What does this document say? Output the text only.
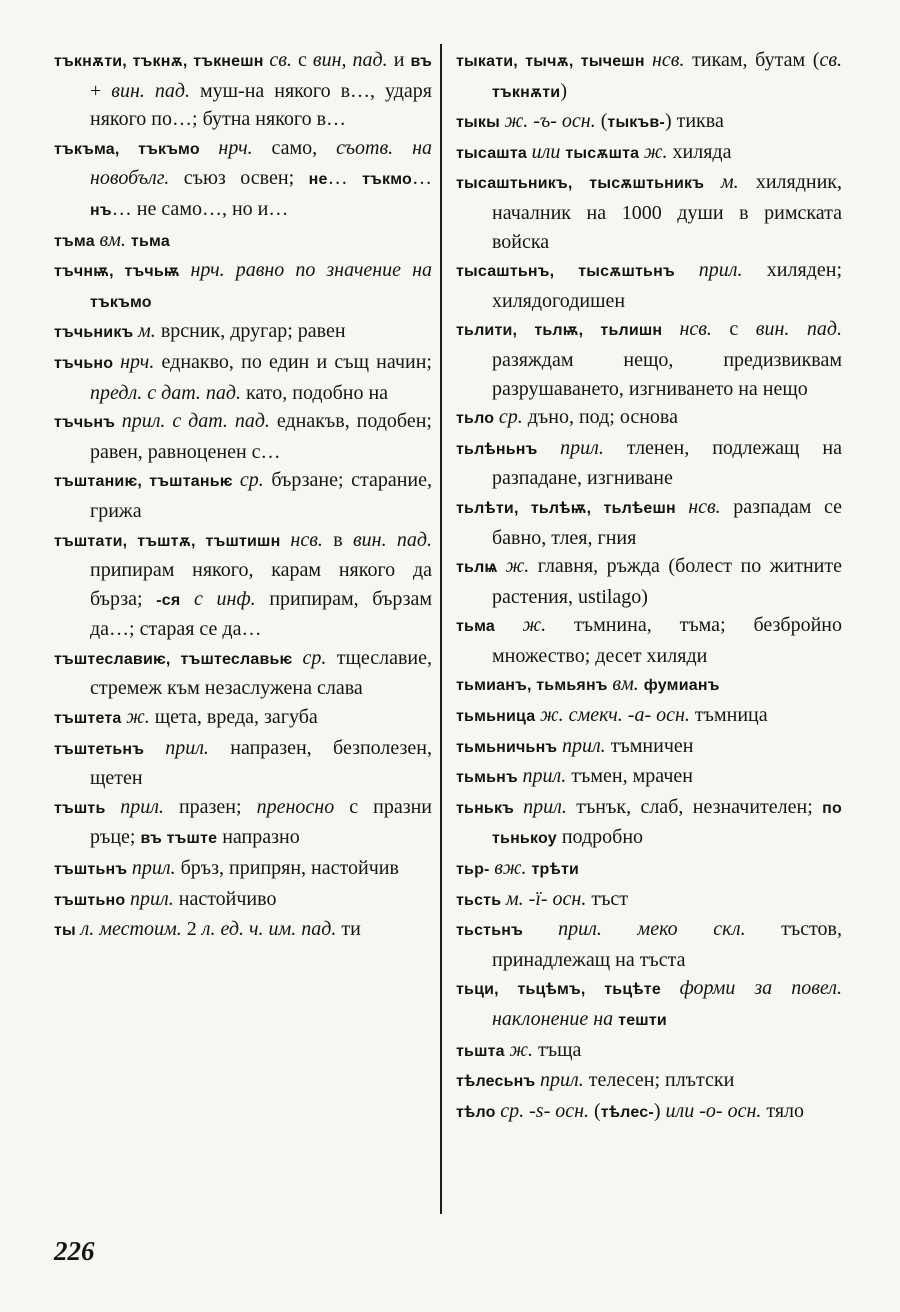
тъкнѫти, тъкнѫ, тъкнешн св. с вин, пад. и въ + вин. пад. муш-на някого в…, ударя някого по…; бутна някого в…

тъкъма, тъкъмо нрч. само, съотв. на новобълг. съюз освен; не… тъкмо… нъ… не само…, но и…

тъма вм. тьма

тъчнѭ, тъчьѭ нрч. равно по значение на тъкъмо

тъчьникъ м. врсник, другар; равен

тъчьно нрч. еднакво, по един и същ начин; предл. с дат. пад. като, подобно на

тъчьнъ прил. с дат. пад. еднакъв, подобен; равен, равноценен с…

тъштаниѥ, тъштаньѥ ср. бързане; старание, грижа

тъштати, тъштѫ, тъштишн нсв. в вин. пад. припирам някого, карам някого да бърза; -ся с инф. припирам, бързам да…; старая се да…

тъштеславиѥ, тъштеславьѥ ср. тщеславие, стремеж към незаслужена слава

тъштета ж. щета, вреда, загуба

тъштетьнъ прил. напразен, безполезен, щетен

тъшть прил. празен; преносно с празни ръце; въ тъште напразно

тъштьнъ прил. бръз, припрян, настойчив

тъштьно прил. настойчиво

ты л. местоим. 2 л. ед. ч. им. пад. ти

тыкати, тычѫ, тычешн нсв. тикам, бутам (св. тъкнѫти)

тыкы ж. -ъ- осн. (тыкъв-) тиква

тысашта или тысѫшта ж. хиляда

тысаштьникъ, тысѫштьникъ м. хилядник, началник на 1000 души в римската войска

тысаштьнъ, тысѫштьнъ прил. хиляден; хилядогодишен

тьлити, тьлѭ, тьлишн нсв. с вин. пад. разяждам нещо, предизвиквам разрушаването, изгниването на нещо

тьло ср. дъно, под; основа

тьлѣньнъ прил. тленен, подлежащ на разпадане, изгниване

тьлѣти, тьлѣѭ, тьлѣешн нсв. разпадам се бавно, тлея, гния

тьлѩ ж. главня, ръжда (болест по житните растения, ustilago)

тьма ж. тъмнина, тъма; безбройно множество; десет хиляди

тьмианъ, тьмьянъ вм. фумианъ

тьмьница ж. смекч. -а- осн. тъмница

тьмьничьнъ прил. тъмничен

тьмьнъ прил. тъмен, мрачен

тьнькъ прил. тънък, слаб, незначителен; по тьнькоу подробно

тьр- вж. трѣти

тьсть м. -ї- осн. тъст

тьстьнъ прил. меко скл. тъстов, принадлежащ на тъста

тьци, тьцѣмъ, тьцѣте форми за повел. наклонение на тешти

тьшта ж. тъща

тѣлесьнъ прил. телесен; плътски

тѣло ср. -s- осн. (тѣлес-) или -о- осн. тяло

226
